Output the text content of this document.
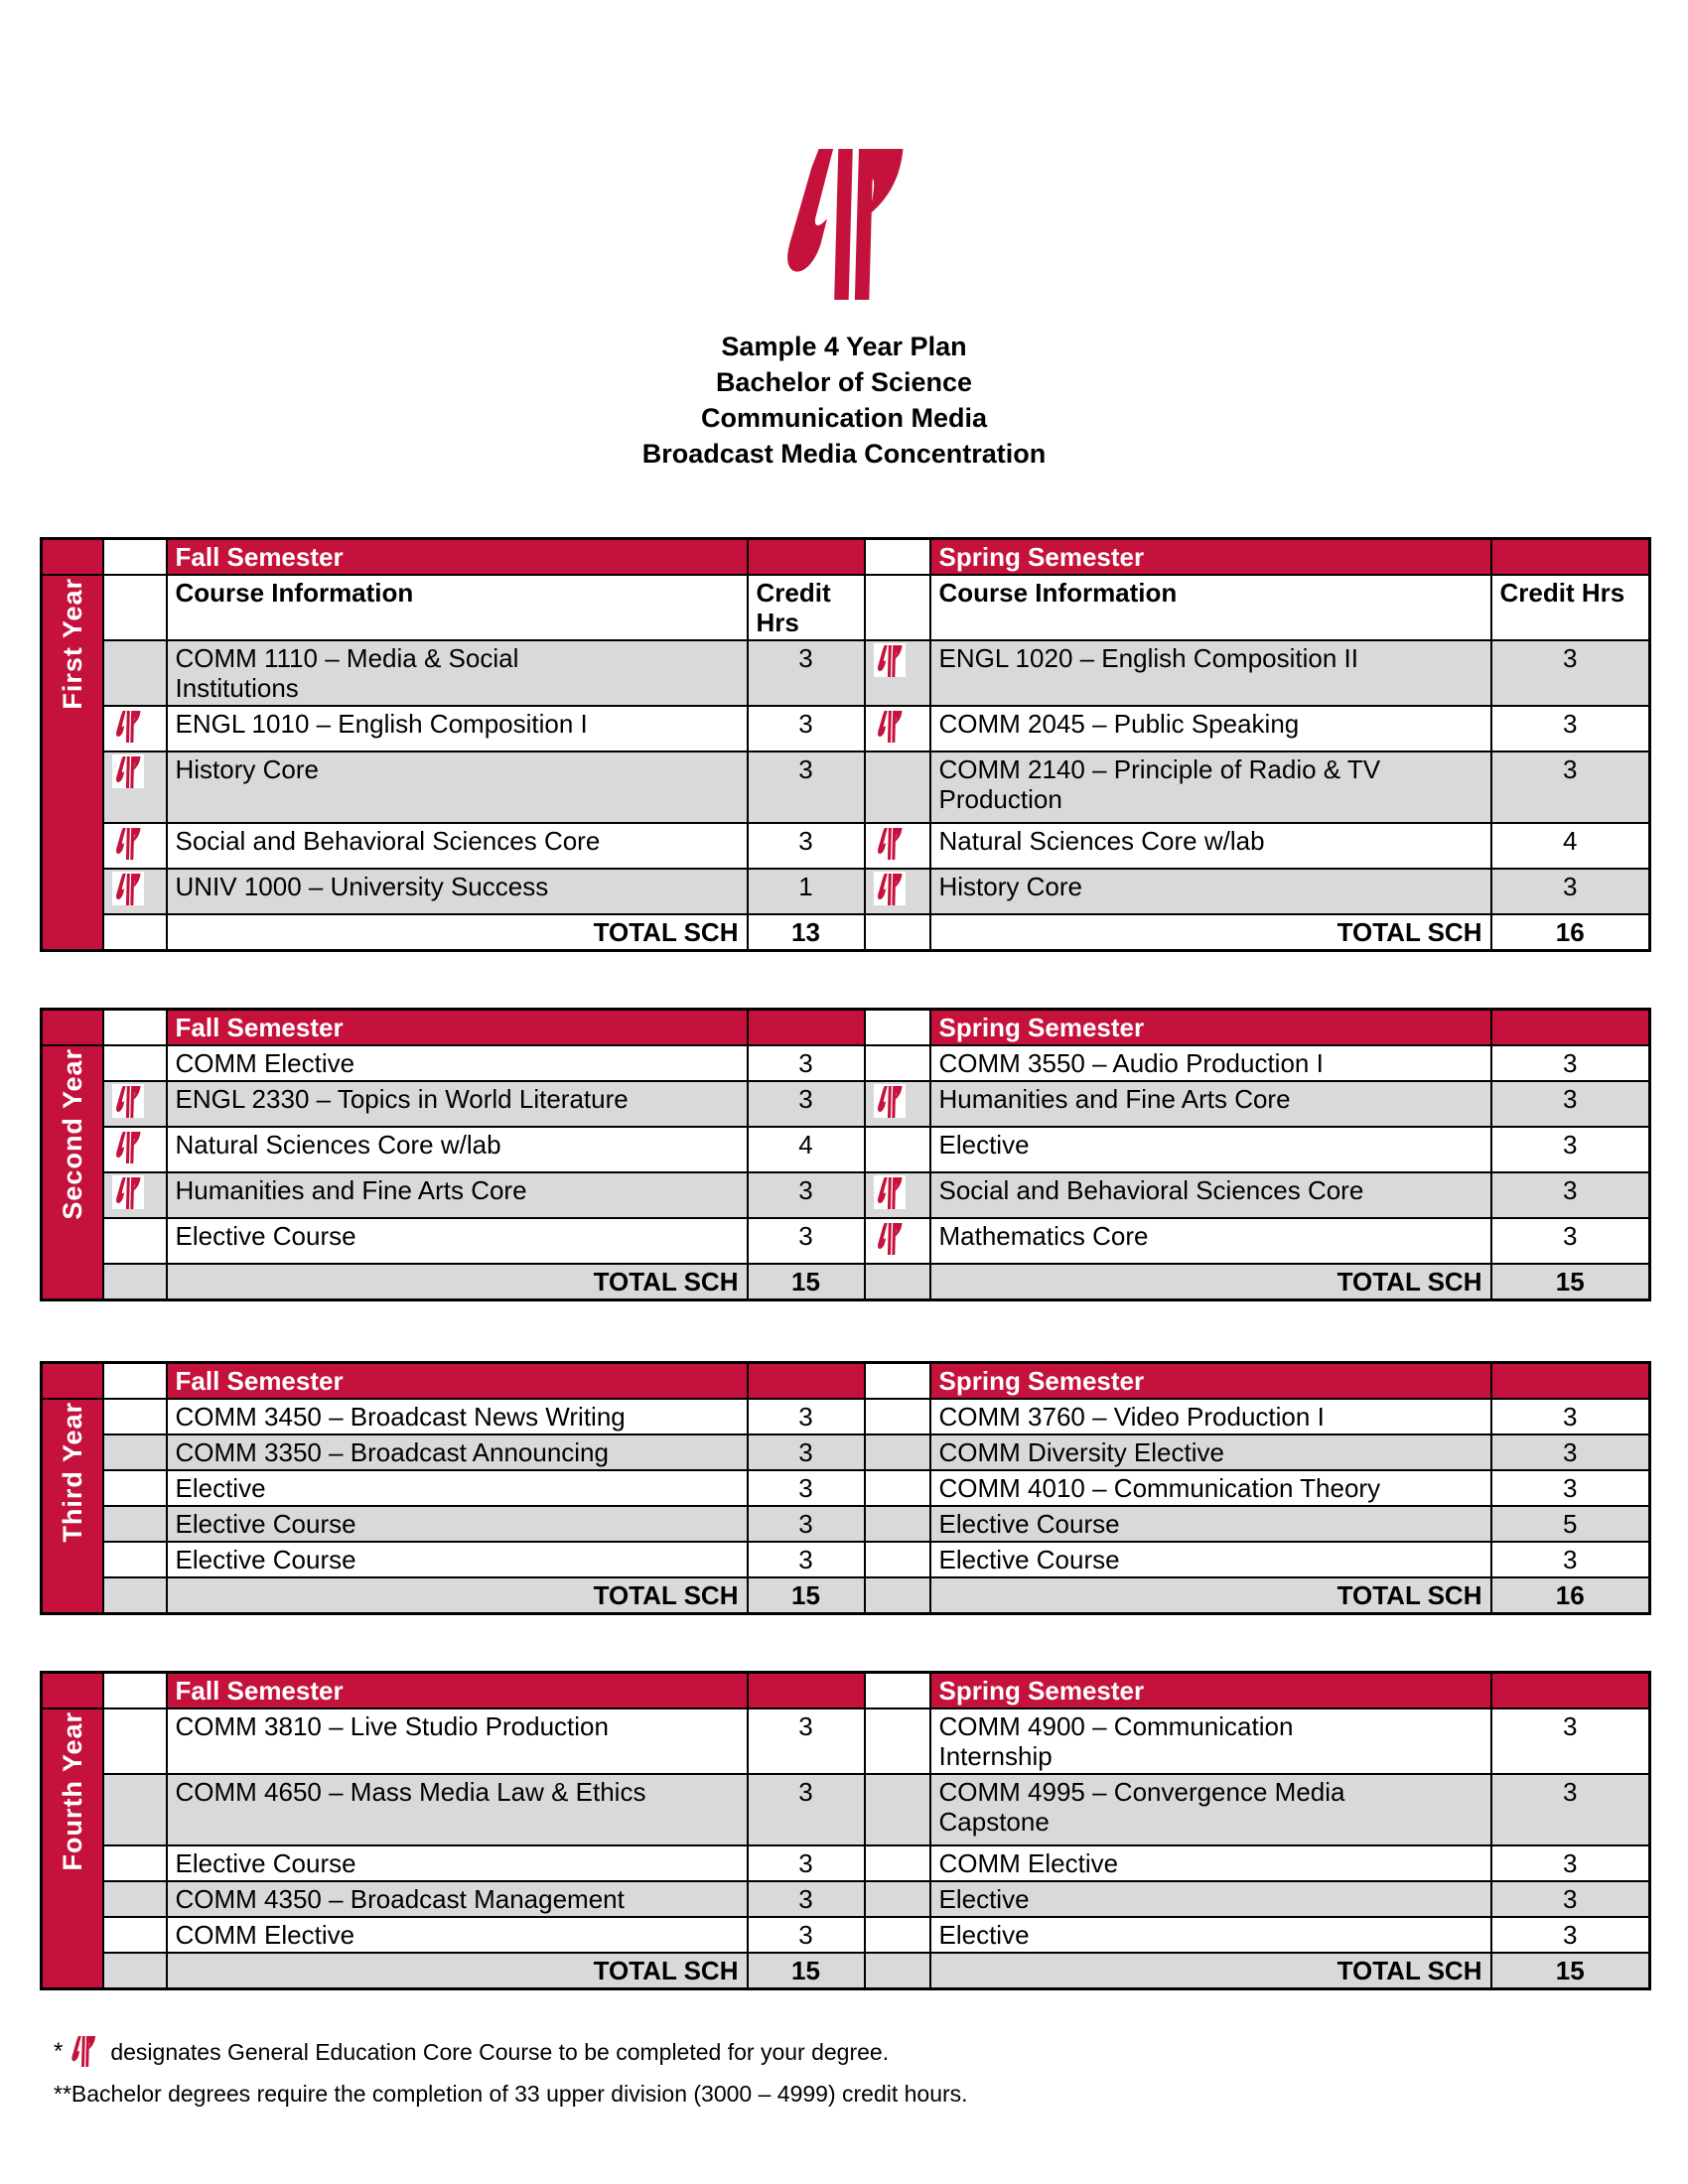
Sample 4 Year Plan
Bachelor of Science
Communication Media
Broadcast Media Concentration
		Fall Semester			Spring Semester	
First Year		Course Information	Credit Hrs		Course Information	Credit Hrs
		COMM 1110 – Media & Social Institutions	3		ENGL 1020 – English Composition II	3
	ENGL 1010 – English Composition I	3		COMM 2045 – Public Speaking	3
	History Core	3		COMM 2140 – Principle of Radio & TV Production	3
	Social and Behavioral Sciences Core	3		Natural Sciences Core w/lab	4
	UNIV 1000 – University Success	1		History Core	3
		TOTAL SCH	13		TOTAL SCH	16
		Fall Semester			Spring Semester	
Second Year		COMM Elective	3		COMM 3550 – Audio Production I	3
	ENGL 2330 – Topics in World Literature	3		Humanities and Fine Arts Core	3
	Natural Sciences Core w/lab	4		Elective	3
	Humanities and Fine Arts Core	3		Social and Behavioral Sciences Core	3
		Elective Course	3		Mathematics Core	3
		TOTAL SCH	15		TOTAL SCH	15
		Fall Semester			Spring Semester	
Third Year		COMM 3450 – Broadcast News Writing	3		COMM 3760 – Video Production I	3
		COMM 3350 – Broadcast Announcing	3		COMM Diversity Elective	3
		Elective	3		COMM 4010 – Communication Theory	3
		Elective Course	3		Elective Course	5
		Elective Course	3		Elective Course	3
		TOTAL SCH	15		TOTAL SCH	16
		Fall Semester			Spring Semester	
Fourth Year		COMM 3810 – Live Studio Production	3		COMM 4900 – Communication Internship	3
		COMM 4650 – Mass Media Law & Ethics	3		COMM 4995 – Convergence Media Capstone	3
		Elective Course	3		COMM Elective	3
		COMM 4350 – Broadcast Management	3		Elective	3
		COMM Elective	3		Elective	3
		TOTAL SCH	15		TOTAL SCH	15
* designates General Education Core Course to be completed for your degree.
**Bachelor degrees require the completion of 33 upper division (3000 – 4999) credit hours.
